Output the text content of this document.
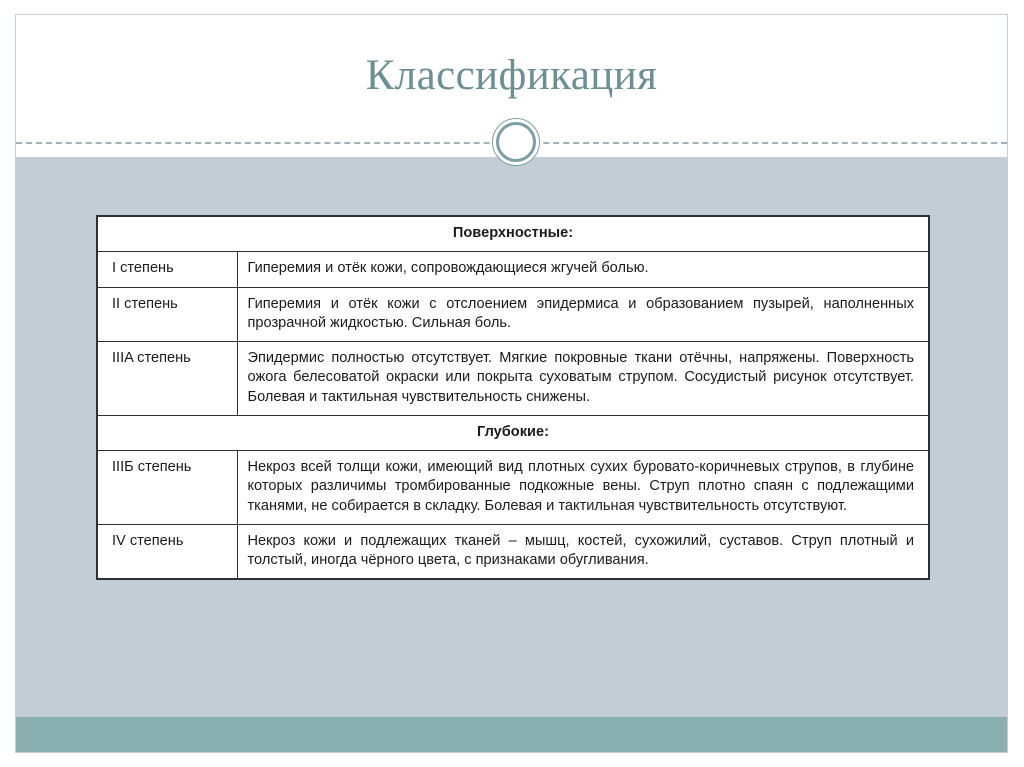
Классификация
Поверхностные:	
I степень	Гиперемия и отёк кожи, сопровождающиеся жгучей болью.
II степень	Гиперемия и отёк кожи с отслоением эпидермиса и образованием пузырей, наполненных прозрачной жидкостью. Сильная боль.
IIIA степень	Эпидермис полностью отсутствует. Мягкие покровные ткани отёчны, напряжены. Поверхность ожога белесоватой окраски или покрыта суховатым струпом. Сосудистый рисунок отсутствует. Болевая и тактильная чувствительность снижены.
Глубокие:	
IIIБ степень	Некроз всей толщи кожи, имеющий вид плотных сухих буровато-коричневых струпов, в глубине которых различимы тромбированные подкожные вены. Струп плотно спаян с подлежащими тканями, не собирается в складку. Болевая и тактильная чувствительность отсутствуют.
IV степень	Некроз кожи и подлежащих тканей – мышц, костей, сухожилий, суставов. Струп плотный и толстый, иногда чёрного цвета, с признаками обугливания.
